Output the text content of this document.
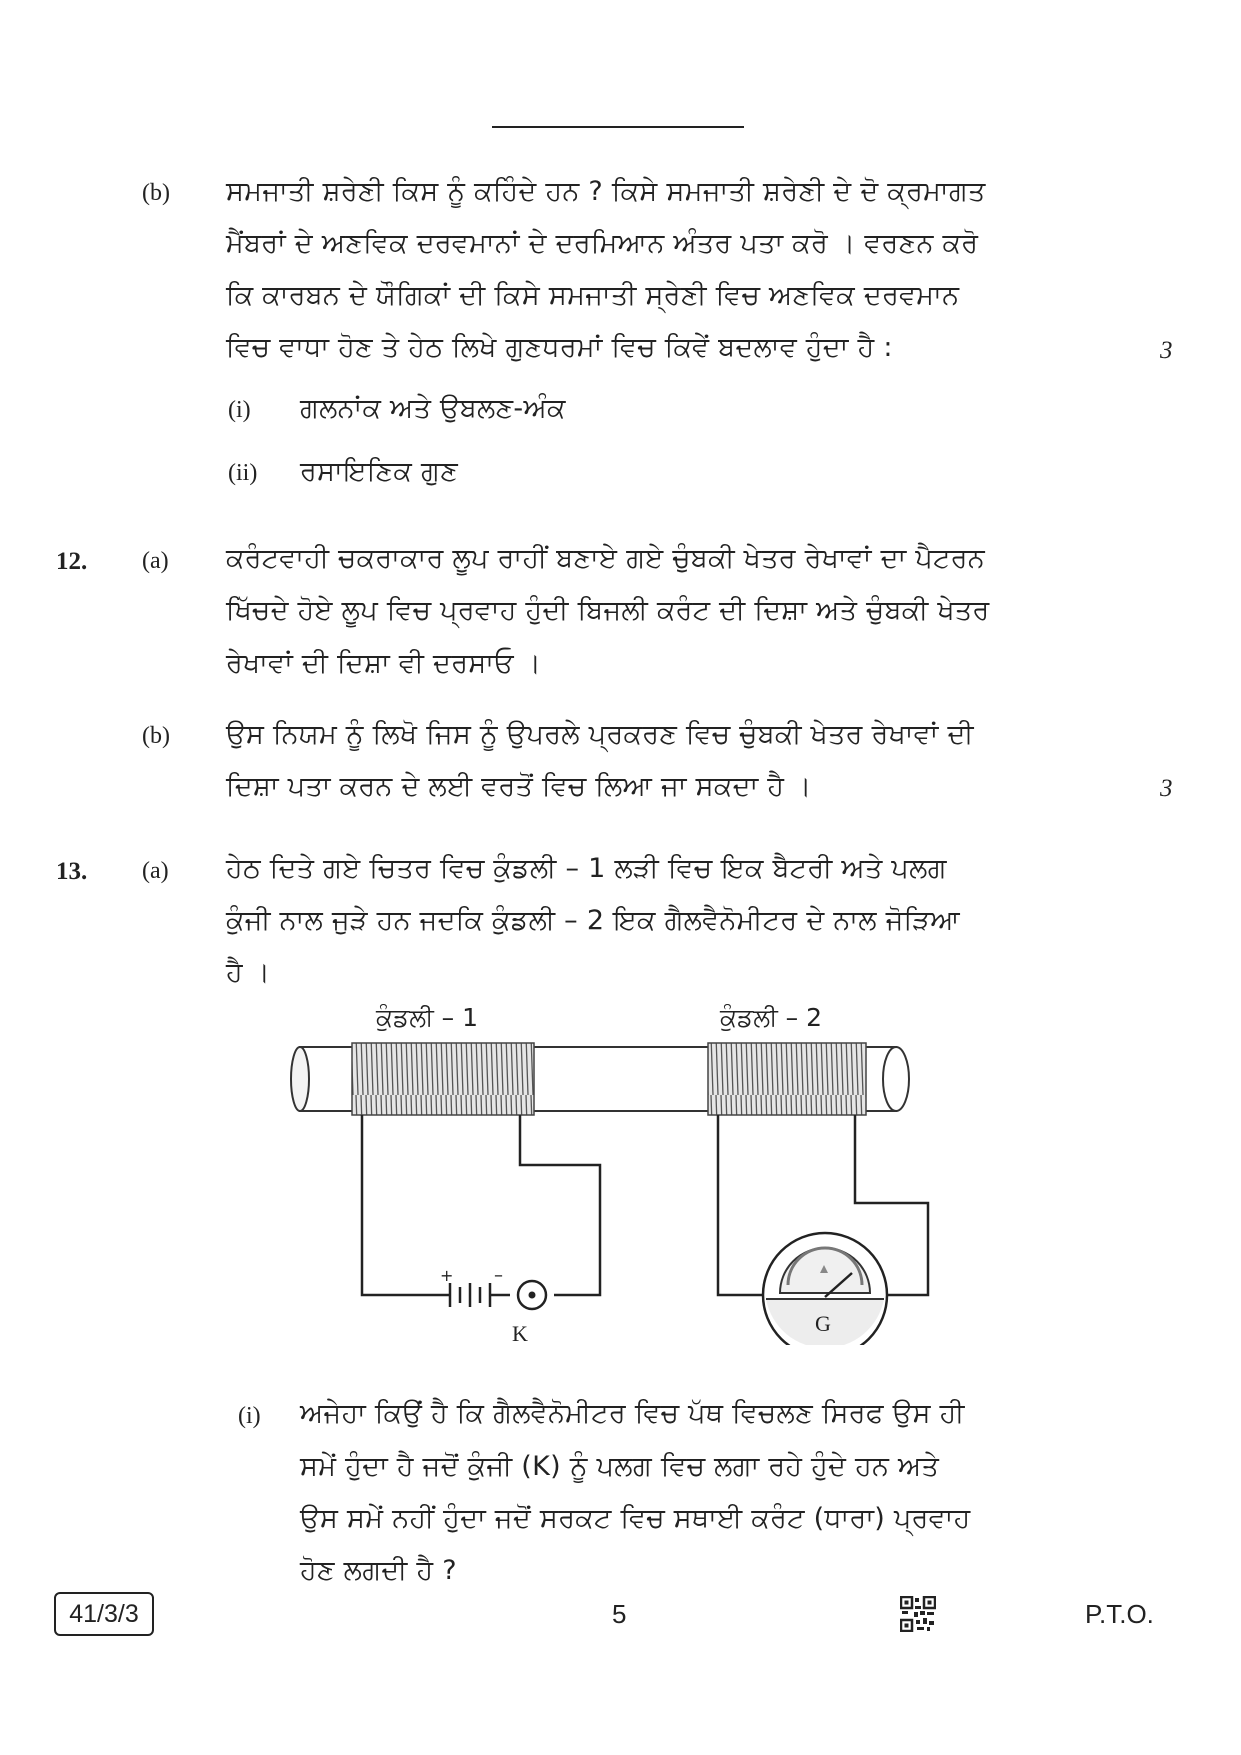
(b) ਸਮਜਾਤੀ ਸ਼ਰੇਣੀ ਕਿਸ ਨੂੰ ਕਹਿੰਦੇ ਹਨ ? ਕਿਸੇ ਸਮਜਾਤੀ ਸ਼ਰੇਣੀ ਦੇ ਦੋ ਕ੍ਰਮਾਗਤ
ਮੈਂਬਰਾਂ ਦੇ ਅਣਵਿਕ ਦਰਵਮਾਨਾਂ ਦੇ ਦਰਮਿਆਨ ਅੰਤਰ ਪਤਾ ਕਰੋ । ਵਰਣਨ ਕਰੋ
ਕਿ ਕਾਰਬਨ ਦੇ ਯੌਗਿਕਾਂ ਦੀ ਕਿਸੇ ਸਮਜਾਤੀ ਸ੍ਰੇਣੀ ਵਿਚ ਅਣਵਿਕ ਦਰਵਮਾਨ
ਵਿਚ ਵਾਧਾ ਹੋਣ ਤੇ ਹੇਠ ਲਿਖੇ ਗੁਣਧਰਮਾਂ ਵਿਚ ਕਿਵੇਂ ਬਦਲਾਵ ਹੁੰਦਾ ਹੈ :	3
(i) ਗਲਨਾਂਕ ਅਤੇ ਉਬਲਣ-ਅੰਕ
(ii) ਰਸਾਇਣਿਕ ਗੁਣ
12. (a) ਕਰੰਟਵਾਹੀ ਚਕਰਾਕਾਰ ਲੂਪ ਰਾਹੀਂ ਬਣਾਏ ਗਏ ਚੁੰਬਕੀ ਖੇਤਰ ਰੇਖਾਵਾਂ ਦਾ ਪੈਟਰਨ
ਖਿੱਚਦੇ ਹੋਏ ਲੂਪ ਵਿਚ ਪ੍ਰਵਾਹ ਹੁੰਦੀ ਬਿਜਲੀ ਕਰੰਟ ਦੀ ਦਿਸ਼ਾ ਅਤੇ ਚੁੰਬਕੀ ਖੇਤਰ
ਰੇਖਾਵਾਂ ਦੀ ਦਿਸ਼ਾ ਵੀ ਦਰਸਾਓ ।
(b) ਉਸ ਨਿਯਮ ਨੂੰ ਲਿਖੋ ਜਿਸ ਨੂੰ ਉਪਰਲੇ ਪ੍ਰਕਰਣ ਵਿਚ ਚੁੰਬਕੀ ਖੇਤਰ ਰੇਖਾਵਾਂ ਦੀ
ਦਿਸ਼ਾ ਪਤਾ ਕਰਨ ਦੇ ਲਈ ਵਰਤੋਂ ਵਿਚ ਲਿਆ ਜਾ ਸਕਦਾ ਹੈ ।	3
13. (a) ਹੇਠ ਦਿਤੇ ਗਏ ਚਿਤਰ ਵਿਚ ਕੁੰਡਲੀ – 1 ਲੜੀ ਵਿਚ ਇਕ ਬੈਟਰੀ ਅਤੇ ਪਲਗ
ਕੁੰਜੀ ਨਾਲ ਜੁੜੇ ਹਨ ਜਦਕਿ ਕੁੰਡਲੀ – 2 ਇਕ ਗੈਲਵੈਨੋਮੀਟਰ ਦੇ ਨਾਲ ਜੋੜਿਆ
ਹੈ ।
ਕੁੰਡਲੀ – 1	ਕੁੰਡਲੀ – 2
+ –
K	G
(i) ਅਜੇਹਾ ਕਿਉਂ ਹੈ ਕਿ ਗੈਲਵੈਨੋਮੀਟਰ ਵਿਚ ਪੱਥ ਵਿਚਲਣ ਸਿਰਫ ਉਸ ਹੀ
ਸਮੇਂ ਹੁੰਦਾ ਹੈ ਜਦੋਂ ਕੁੰਜੀ (K) ਨੂੰ ਪਲਗ ਵਿਚ ਲਗਾ ਰਹੇ ਹੁੰਦੇ ਹਨ ਅਤੇ
ਉਸ ਸਮੇਂ ਨਹੀਂ ਹੁੰਦਾ ਜਦੋਂ ਸਰਕਟ ਵਿਚ ਸਥਾਈ ਕਰੰਟ (ਧਾਰਾ) ਪ੍ਰਵਾਹ
ਹੋਣ ਲਗਦੀ ਹੈ ?
41/3/3	5	P.T.O.
